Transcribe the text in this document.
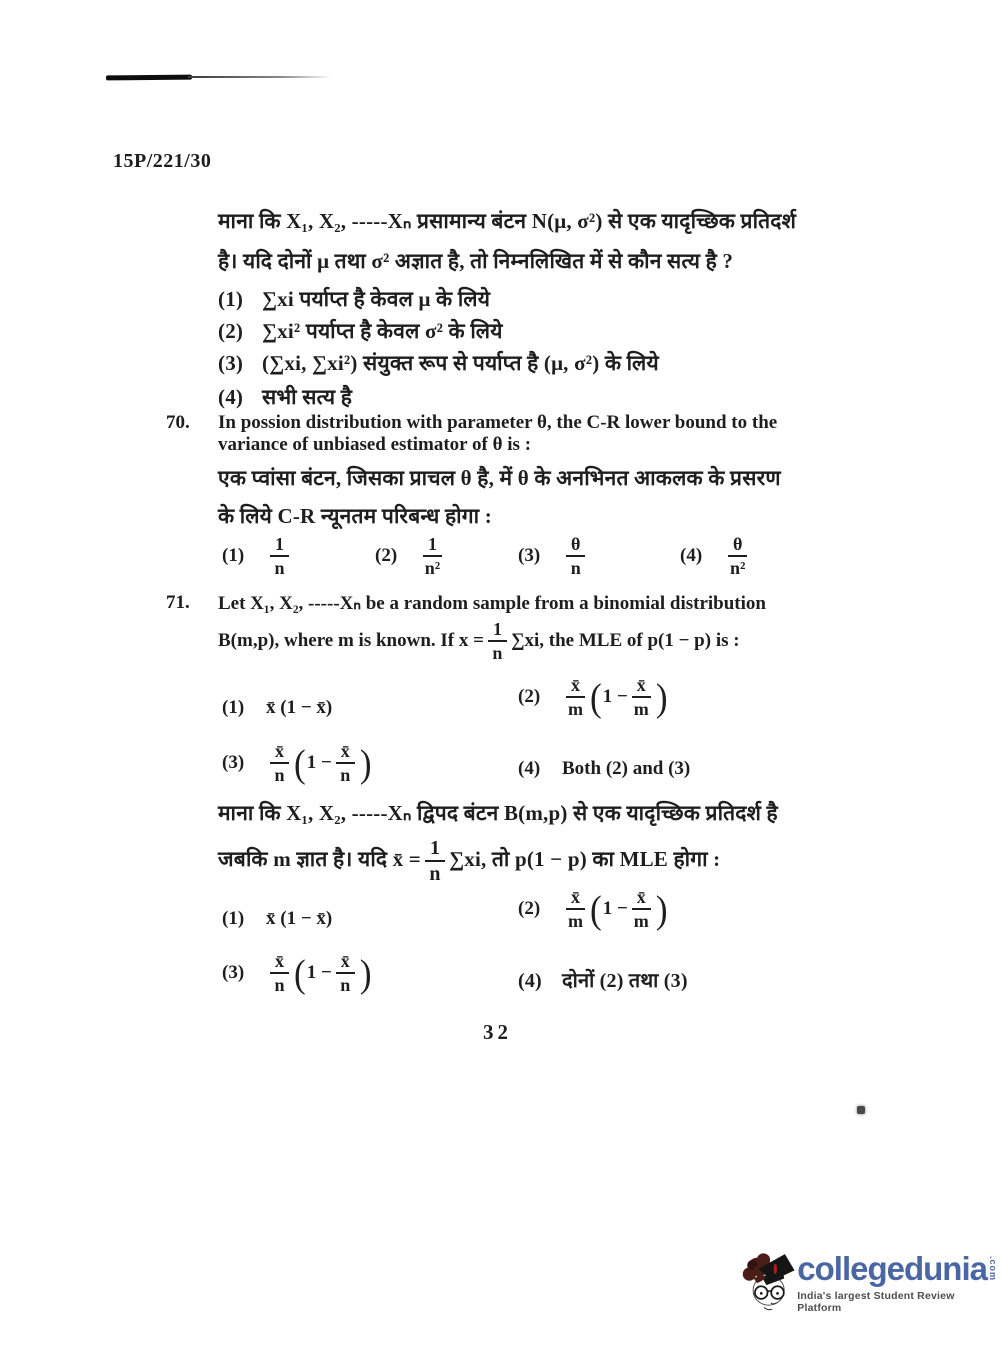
15P/221/30
माना कि X₁, X₂, -----Xₙ प्रसामान्य बंटन N(μ, σ²) से एक यादृच्छिक प्रतिदर्श
है। यदि दोनों μ तथा σ² अज्ञात है, तो निम्नलिखित में से कौन सत्य है ?
(1) ∑xi पर्याप्त है केवल μ के लिये
(2) ∑xi² पर्याप्त है केवल σ² के लिये
(3) (∑xi, ∑xi²) संयुक्त रूप से पर्याप्त है (μ, σ²) के लिये
(4) सभी सत्य है
70. In possion distribution with parameter θ, the C-R lower bound to the
variance of unbiased estimator of θ is :
एक प्वांसा बंटन, जिसका प्राचल θ है, में θ के अनभिनत आकलक के प्रसरण
के लिये C-R न्यूनतम परिबन्ध होगा :
$(1) \frac{1}{n}$	$(2) \frac{1}{\text{n²}}$	$(3) \frac{\theta}{n}$	$(4) \frac{\theta}{\text{n²}}$
71. Let X₁, X₂, -----Xₙ be a random sample from a binomial distribution
B(m,p), where m is known. If $x = \frac{1}{n} \sum xi$, the MLE of p(1 − p) is :
(1) x̄ (1 − x̄)
$(2) \frac{x̄}{m} (1 - \frac{x̄}{m}$ )
$(3) \frac{x̄}{n} (1 - \frac{x̄}{n}$ )	(4) Both (2) and (3)
माना कि X₁, X₂, -----Xₙ द्विपद बंटन B(m,p) से एक यादृच्छिक प्रतिदर्श है
जबकि m ज्ञात है। यदि x̄ = $\frac{1}{n} \sum xi$, तो p(1 − p) का MLE होगा :
(1) x̄ (1 − x̄)	$(2) \frac{x̄}{m} (1 - \frac{x̄}{m}$ )
$(3) \frac{x̄}{n} (1 - \frac{x̄}{n}$ )	(4) दोनों (2) तथा (3)
32
collegedunia .com
India's largest Student Review Platform
